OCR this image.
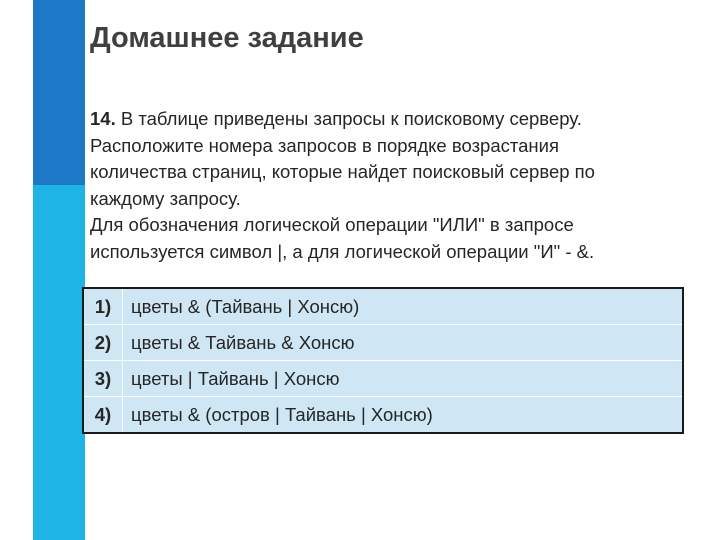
Домашнее задание
14. В таблице приведены запросы к поисковому серверу.
Расположите номера запросов в порядке возрастания
количества страниц, которые найдет поисковый сервер по
каждому запросу.
Для обозначения логической операции "ИЛИ" в запросе
используется символ |, а для логической операции "И" - &.
1)	цветы & (Тайвань | Хонсю)
2)	цветы & Тайвань & Хонсю
3)	цветы | Тайвань | Хонсю
4)	цветы & (остров | Тайвань | Хонсю)
